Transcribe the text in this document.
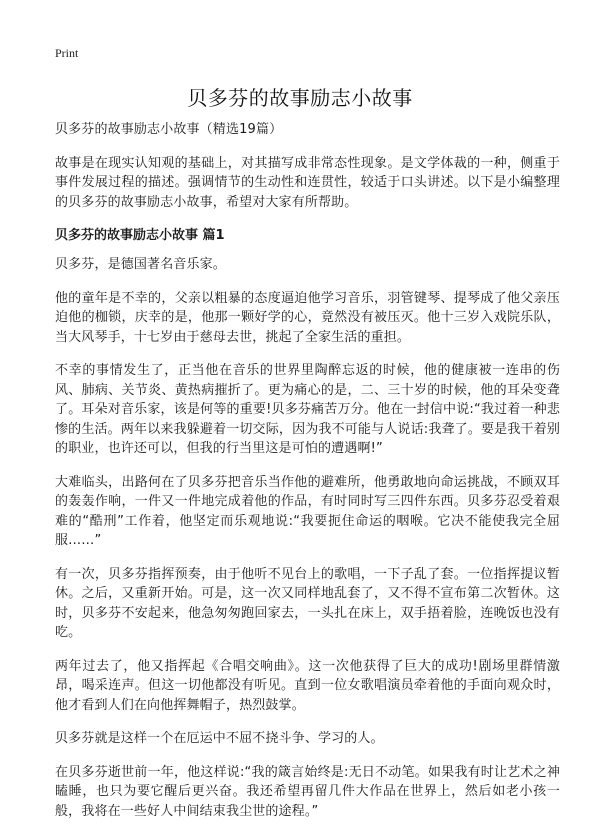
Print
贝多芬的故事励志小故事

贝多芬的故事励志小故事（精选19篇）

故事是在现实认知观的基础上，对其描写成非常态性现象。是文学体裁的一种，侧重于事件发展过程的描述。强调情节的生动性和连贯性，较适于口头讲述。以下是小编整理的贝多芬的故事励志小故事，希望对大家有所帮助。

贝多芬的故事励志小故事 篇1

贝多芬，是德国著名音乐家。

他的童年是不幸的，父亲以粗暴的态度逼迫他学习音乐，羽管键琴、提琴成了他父亲压迫他的枷锁，庆幸的是，他那一颗好学的心，竟然没有被压灭。他十三岁入戏院乐队，当大风琴手，十七岁由于慈母去世，挑起了全家生活的重担。

不幸的事情发生了，正当他在音乐的世界里陶醉忘返的时候，他的健康被一连串的伤风、肺病、关节炎、黄热病摧折了。更为痛心的是，二、三十岁的时候，他的耳朵变聋了。耳朵对音乐家，该是何等的重要!贝多芬痛苦万分。他在一封信中说:“我过着一种悲惨的生活。两年以来我躲避着一切交际，因为我不可能与人说话:我聋了。要是我干着别的职业，也许还可以，但我的行当里这是可怕的遭遇啊!”

大难临头，出路何在了贝多芬把音乐当作他的避难所，他勇敢地向命运挑战，不顾双耳的轰轰作响，一件又一件地完成着他的作品，有时同时写三四件东西。贝多芬忍受着艰难的“酷刑”工作着，他坚定而乐观地说:“我要扼住命运的咽喉。它决不能使我完全屈服……”

有一次，贝多芬指挥预奏，由于他听不见台上的歌唱，一下子乱了套。一位指挥提议暂休。之后，又重新开始。可是，这一次又同样地乱套了，又不得不宣布第二次暂休。这时，贝多芬不安起来，他急匆匆跑回家去，一头扎在床上，双手捂着脸，连晚饭也没有吃。

两年过去了，他又指挥起《合唱交响曲》。这一次他获得了巨大的成功!剧场里群情激昂，喝采连声。但这一切他都没有听见。直到一位女歌唱演员牵着他的手面向观众时，他才看到人们在向他挥舞帽子，热烈鼓掌。

贝多芬就是这样一个在厄运中不屈不挠斗争、学习的人。

在贝多芬逝世前一年，他这样说:“我的箴言始终是:无日不动笔。如果我有时让艺术之神瞌睡，也只为要它醒后更兴奋。我还希望再留几件大作品在世界上，然后如老小孩一般，我将在一些好人中间结束我尘世的途程。”
